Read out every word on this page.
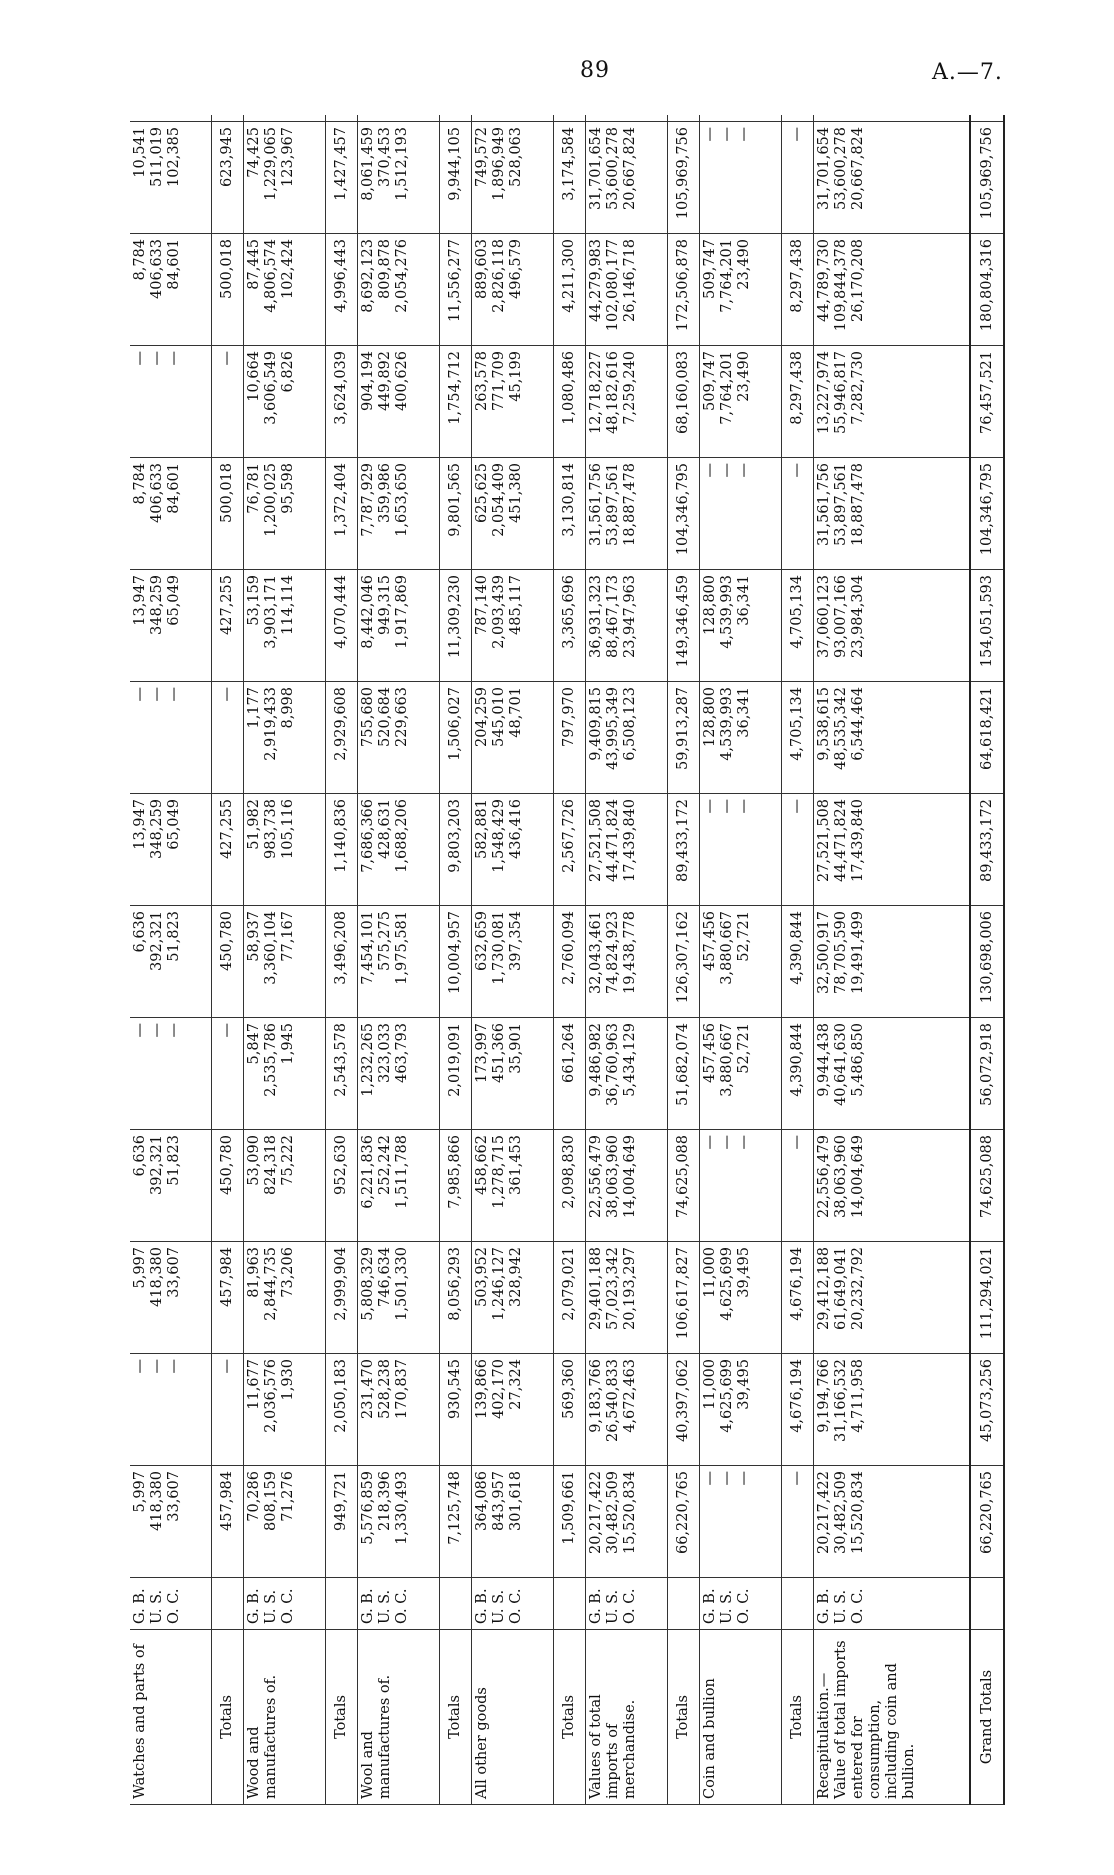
89	A.—7.
Watches and parts of	G. B. U. S. O. C.	5,997 418,380 33,607	— — —	5,997 418,380 33,607	6,636 392,321 51,823	— — —	6,636 392,321 51,823	13,947 348,259 65,049	— — —	13,947 348,259 65,049	8,784 406,633 84,601	— — —	8,784 406,633 84,601	10,541 511,019 102,385

Totals		457,984	—	457,984	450,780	—	450,780	427,255	—	427,255	500,018	—	500,018	623,945		
Wood and manufactures of.	G. B. U. S. O. C.	70,286 808,159 71,276	11,677 2,036,576 1,930	81,963 2,844,735 73,206	53,090 824,318 75,222	5,847 2,535,786 1,945	58,937 3,360,104 77,167	51,982 983,738 105,116	1,177 2,919,433 8,998	53,159 3,903,171 114,114	76,781 1,200,025 95,598	10,664 3,606,549 6,826	87,445 4,806,574 102,424	74,425 1,229,065 123,967

Totals		949,721	2,050,183	2,999,904	952,630	2,543,578	3,496,208	1,140,836	2,929,608	4,070,444	1,372,404	3,624,039	4,996,443	1,427,457		
Wool and manufactures of.	G. B. U. S. O. C.	5,576,859 218,396 1,330,493	231,470 528,238 170,837	5,808,329 746,634 1,501,330	6,221,836 252,242 1,511,788	1,232,265 323,033 463,793	7,454,101 575,275 1,975,581	7,686,366 428,631 1,688,206	755,680 520,684 229,663	8,442,046 949,315 1,917,869	7,787,929 359,986 1,653,650	904,194 449,892 400,626	8,692,123 809,878 2,054,276	8,061,459 370,453 1,512,193

Totals		7,125,748	930,545	8,056,293	7,985,866	2,019,091	10,004,957	9,803,203	1,506,027	11,309,230	9,801,565	1,754,712	11,556,277	9,944,105		
All other goods	G. B. U. S. O. C.	364,086 843,957 301,618	139,866 402,170 27,324	503,952 1,246,127 328,942	458,662 1,278,715 361,453	173,997 451,366 35,901	632,659 1,730,081 397,354	582,881 1,548,429 436,416	204,259 545,010 48,701	787,140 2,093,439 485,117	625,625 2,054,409 451,380	263,578 771,709 45,199	889,603 2,826,118 496,579	749,572 1,896,949 528,063

Totals		1,509,661	569,360	2,079,021	2,098,830	661,264	2,760,094	2,567,726	797,970	3,365,696	3,130,814	1,080,486	4,211,300	3,174,584		
Values of total imports of merchandise.	G. B. U. S. O. C.	20,217,422 30,482,509 15,520,834	9,183,766 26,540,833 4,672,463	29,401,188 57,023,342 20,193,297	22,556,479 38,063,960 14,004,649	9,486,982 36,760,963 5,434,129	32,043,461 74,824,923 19,438,778	27,521,508 44,471,824 17,439,840	9,409,815 43,995,349 6,508,123	36,931,323 88,467,173 23,947,963	31,561,756 53,897,561 18,887,478	12,718,227 48,182,616 7,259,240	44,279,983 102,080,177 26,146,718	31,701,654 53,600,278 20,667,824

Totals		66,220,765	40,397,062	106,617,827	74,625,088	51,682,074	126,307,162	89,433,172	59,913,287	149,346,459	104,346,795	68,160,083	172,506,878	105,969,756		
Coin and bullion	G. B. U. S. O. C.	— — —	11,000 4,625,699 39,495	11,000 4,625,699 39,495	— — —	457,456 3,880,667 52,721	457,456 3,880,667 52,721	— — —	128,800 4,539,993 36,341	128,800 4,539,993 36,341	— — —	509,747 7,764,201 23,490	509,747 7,764,201 23,490	— — —

Totals		—	4,676,194	4,676,194	—	4,390,844	4,390,844	—	4,705,134	4,705,134	—	8,297,438	8,297,438	—		
Recapitulation.—Value of total imports entered for consumption, including coin and bullion.	G. B. U. S. O. C.	20,217,422 30,482,509 15,520,834	9,194,766 31,166,532 4,711,958	29,412,188 61,649,041 20,232,792	22,556,479 38,063,960 14,004,649	9,944,438 40,641,630 5,486,850	32,500,917 78,705,590 19,491,499	27,521,508 44,471,824 17,439,840	9,538,615 48,535,342 6,544,464	37,060,123 93,007,166 23,984,304	31,561,756 53,897,561 18,887,478	13,227,974 55,946,817 7,282,730	44,789,730 109,844,378 26,170,208	31,701,654 53,600,278 20,667,824

Grand Totals		66,220,765	45,073,256	111,294,021	74,625,088	56,072,918	130,698,006	89,433,172	64,618,421	154,051,593	104,346,795	76,457,521	180,804,316	105,969,756		
